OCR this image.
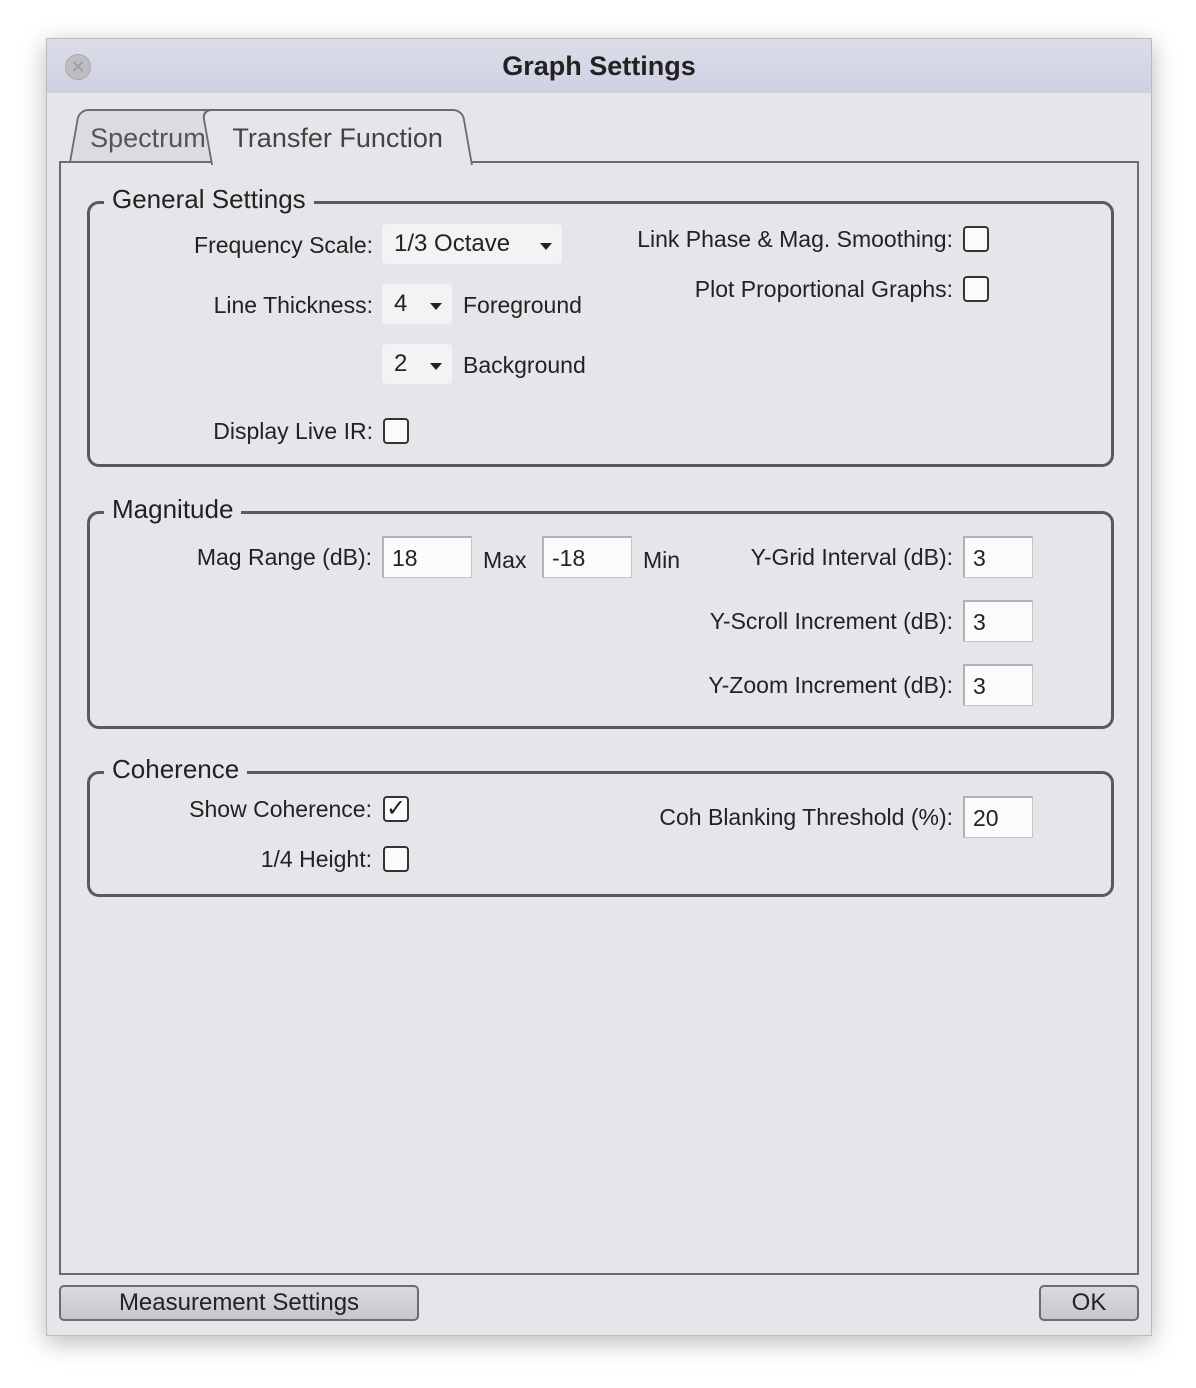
✕	Graph Settings
Spectrum Transfer Function
General Settings
Frequency Scale: 1/3 Octave
Line Thickness: 4	Foreground
2	Background
Display Live IR:
Link Phase & Mag. Smoothing:
Plot Proportional Graphs:
Magnitude
Mag Range (dB): 18	Max	-18	Min	Y-Grid Interval (dB): 3
Y-Scroll Increment (dB): 3
Y-Zoom Increment (dB): 3
Coherence
Show Coherence: ✓
1/4 Height:
Coh Blanking Threshold (%): 20
Measurement Settings	OK
